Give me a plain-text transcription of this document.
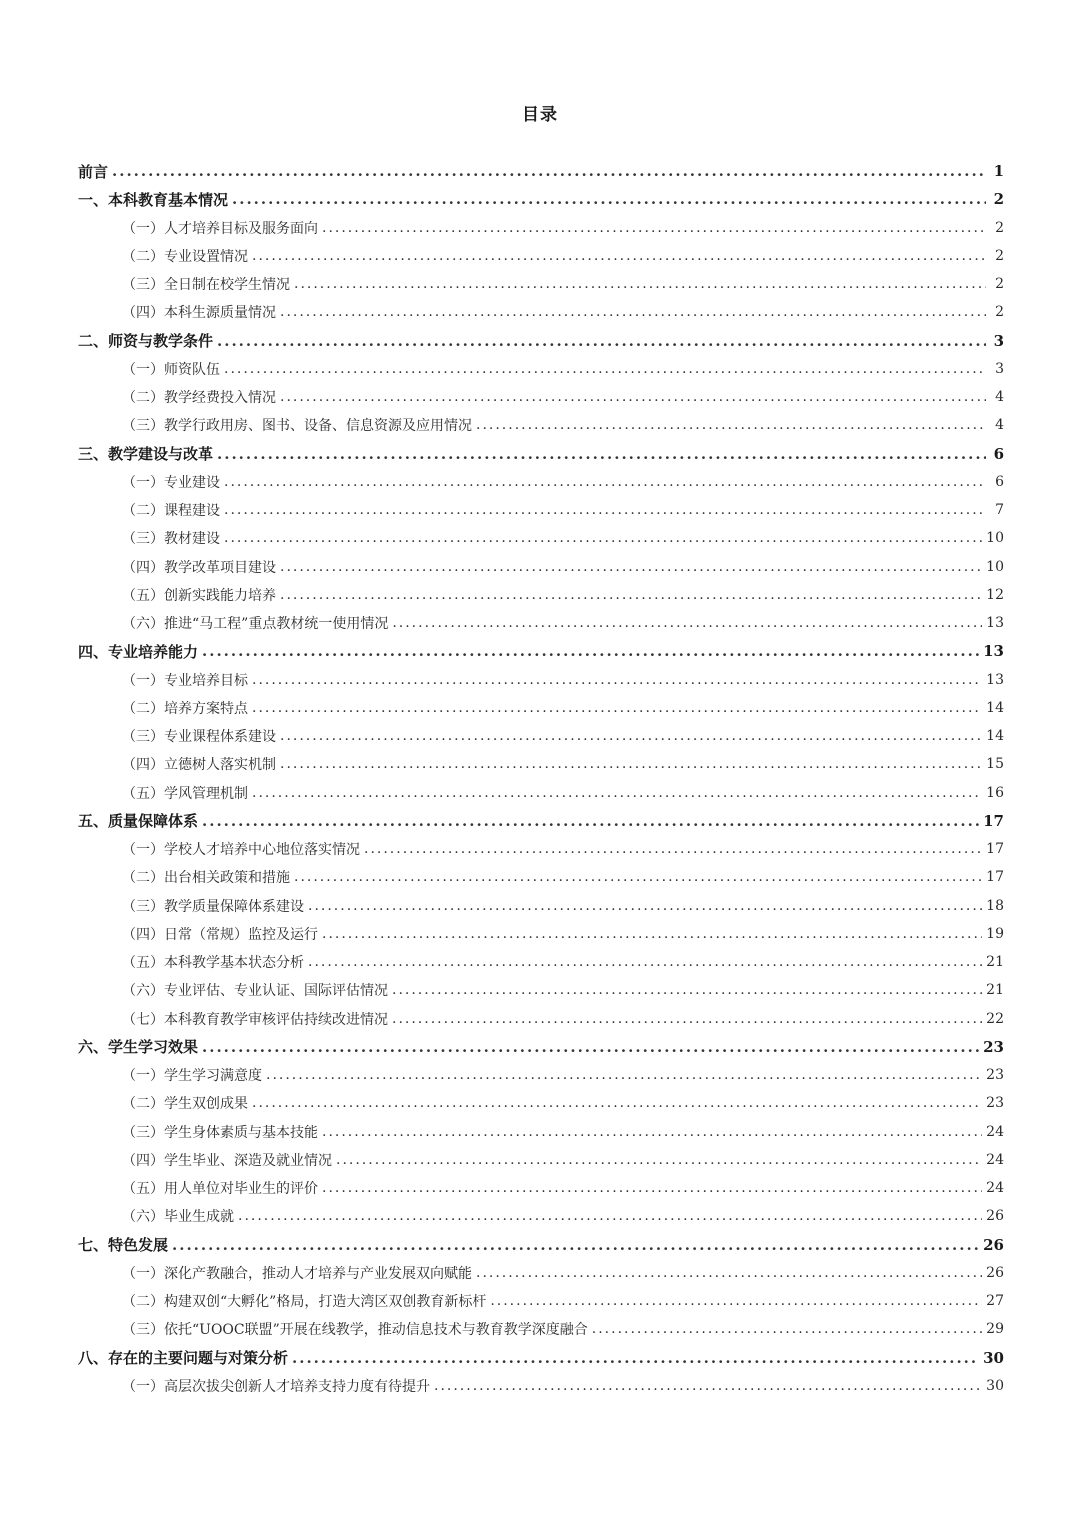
目录
前言 .....	1
一、本科教育基本情况 .....	2
（一）人才培养目标及服务面向 .....	2
（二）专业设置情况 .....	2
（三）全日制在校学生情况 .....	2
（四）本科生源质量情况 .....	2
二、师资与教学条件 .....	3
（一）师资队伍 .....	3
（二）教学经费投入情况 .....	4
（三）教学行政用房、图书、设备、信息资源及应用情况 .....	4
三、教学建设与改革 .....	6
（一）专业建设 .....	6
（二）课程建设 .....	7
（三）教材建设 .....	10
（四）教学改革项目建设 .....	10
（五）创新实践能力培养 .....	12
（六）推进“马工程”重点教材统一使用情况 .....	13
四、专业培养能力 .....	13
（一）专业培养目标 .....	13
（二）培养方案特点 .....	14
（三）专业课程体系建设 .....	14
（四）立德树人落实机制 .....	15
（五）学风管理机制 .....	16
五、质量保障体系 .....	17
（一）学校人才培养中心地位落实情况 .....	17
（二）出台相关政策和措施 .....	17
（三）教学质量保障体系建设 .....	18
（四）日常（常规）监控及运行 .....	19
（五）本科教学基本状态分析 .....	21
（六）专业评估、专业认证、国际评估情况 .....	21
（七）本科教育教学审核评估持续改进情况 .....	22
六、学生学习效果 .....	23
（一）学生学习满意度 .....	23
（二）学生双创成果 .....	23
（三）学生身体素质与基本技能 .....	24
（四）学生毕业、深造及就业情况 .....	24
（五）用人单位对毕业生的评价 .....	24
（六）毕业生成就 .....	26
七、特色发展 .....	26
（一）深化产教融合，推动人才培养与产业发展双向赋能 .....	26
（二）构建双创“大孵化”格局，打造大湾区双创教育新标杆 .....	27
（三）依托“UOOC联盟”开展在线教学，推动信息技术与教育教学深度融合 .....	29
八、存在的主要问题与对策分析 .....	30
（一）高层次拔尖创新人才培养支持力度有待提升 .....	30
